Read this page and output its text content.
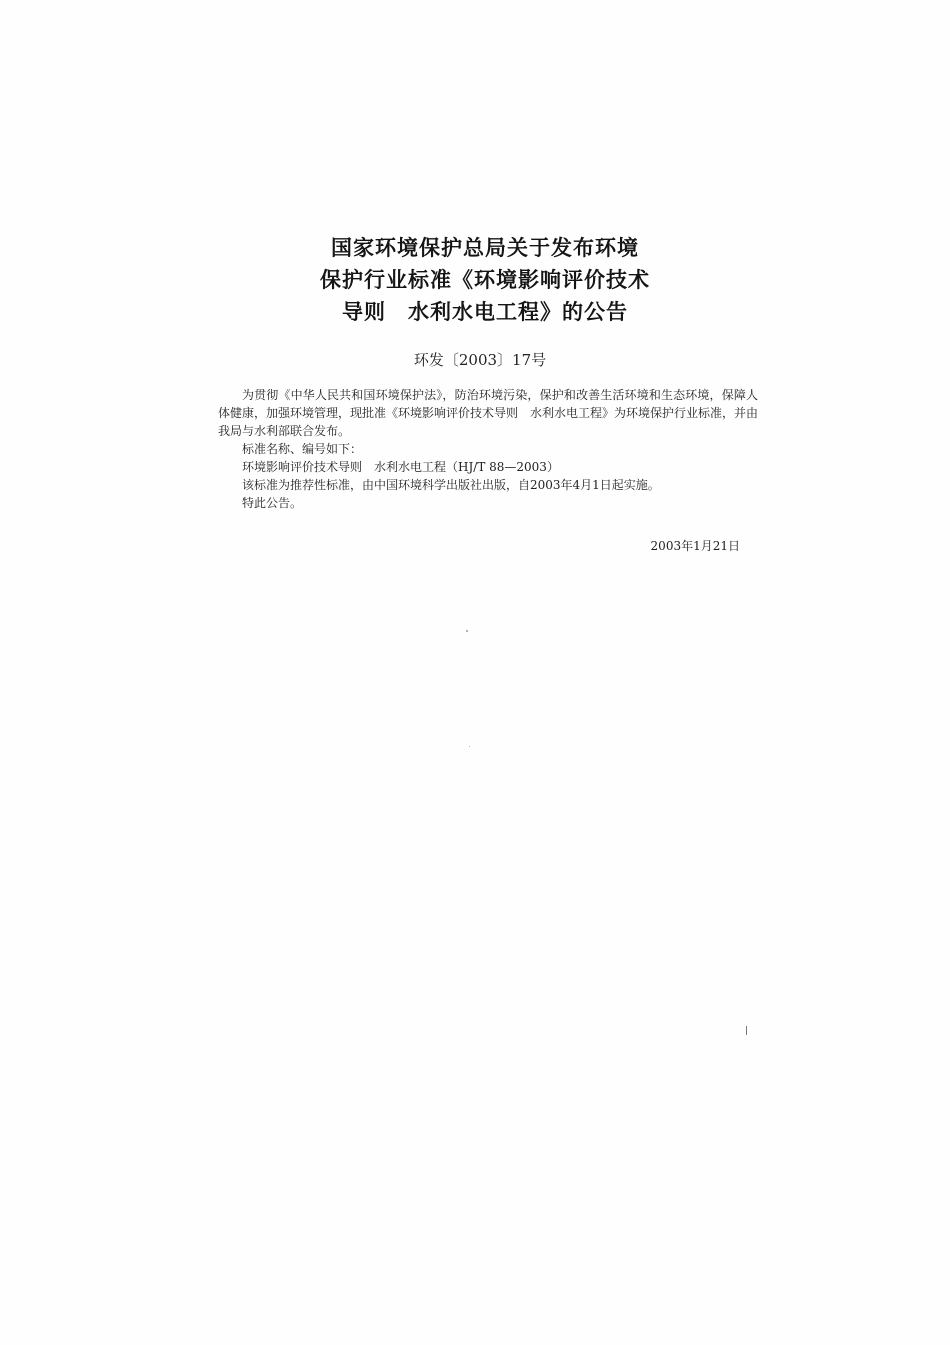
国家环境保护总局关于发布环境
保护行业标准《环境影响评价技术
导则　水利水电工程》的公告
环发〔2003〕17号

为贯彻《中华人民共和国环境保护法》，防治环境污染，保护和改善生活环境和生态环境，保障人体健康，加强环境管理，现批准《环境影响评价技术导则　水利水电工程》为环境保护行业标准，并由我局与水利部联合发布。

标准名称、编号如下：

环境影响评价技术导则　水利水电工程（HJ/T 88—2003）

该标准为推荐性标准，由中国环境科学出版社出版，自2003年4月1日起实施。

特此公告。

2003年1月21日
